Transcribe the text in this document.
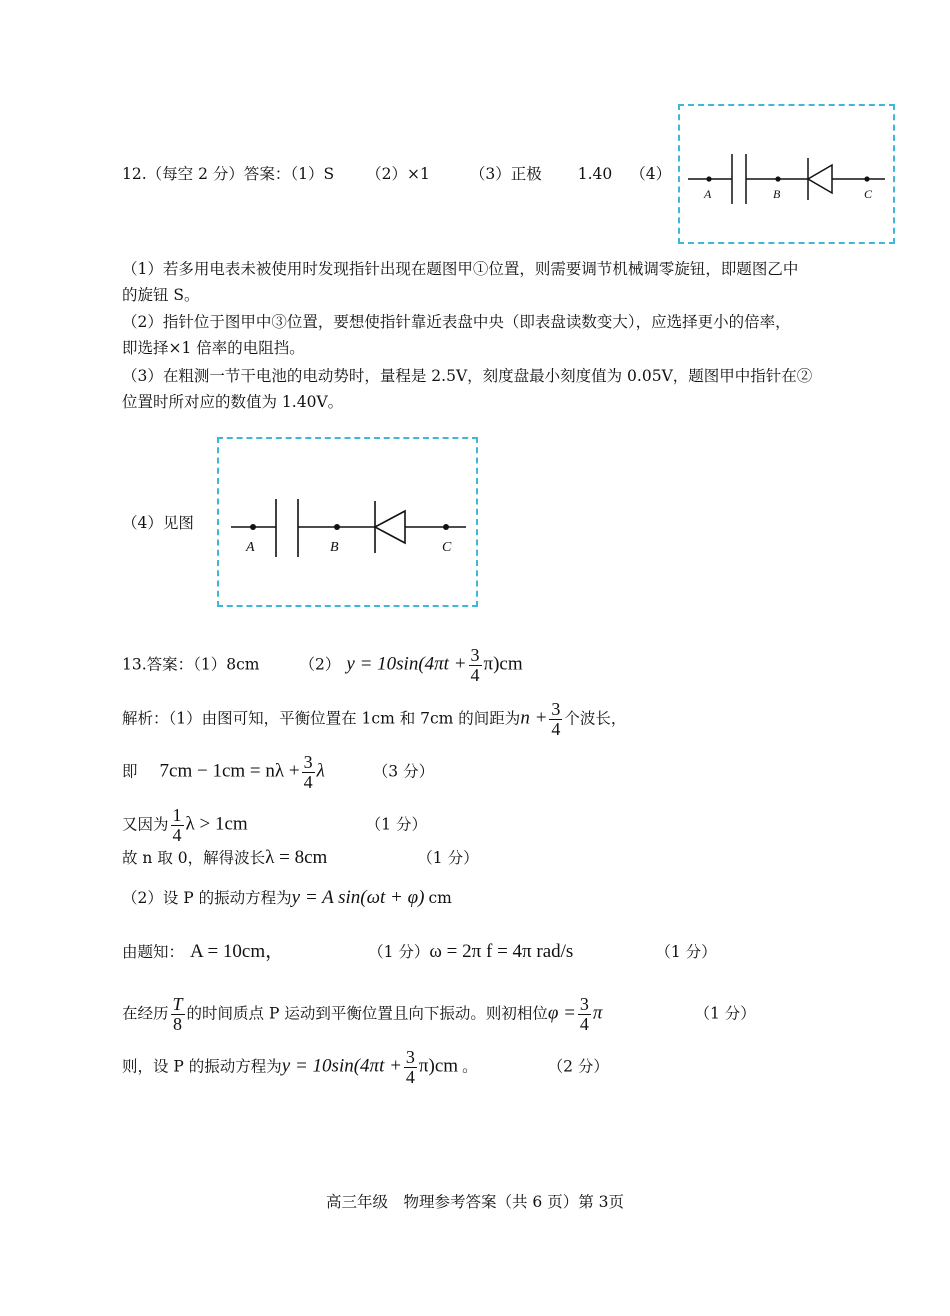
12.（每空 2 分）答案：（1）S （2）×1	（3）正极 1.40 （4）
A	B	C
（1）若多用电表未被使用时发现指针出现在题图甲①位置，则需要调节机械调零旋钮，即题图乙中
的旋钮 S。
（2）指针位于图甲中③位置，要想使指针靠近表盘中央（即表盘读数变大），应选择更小的倍率，
即选择×1 倍率的电阻挡。
（3）在粗测一节干电池的电动势时，量程是 2.5V，刻度盘最小刻度值为 0.05V，题图甲中指针在②
位置时所对应的数值为 1.40V。
（4）见图
A	B	C
13.答案：（1）8cm	（2） $y = 10\sin(4\pi t + \frac{3}{4} \pi)cm$
解析：（1）由图可知，平衡位置在 1cm 和 7cm 的间距为$n + \frac{3}{4}$ 个波长，
即 $7cm - 1cm = n\lambda + \frac{3}{4}$ λ	（3 分）
又因为 $\frac{1}{4}$ λ > 1cm	（1 分）
故 n 取 0，解得波长λ = 8cm	（1 分）
（2）设 P 的振动方程为y = A sin(ωt + φ) cm
由题知： A = 10cm，	（1 分）ω = 2π f = 4π rad/s	（1 分）
在经历 $\frac{T}{8}$ 的时间质点 P 运动到平衡位置且向下振动。则初相位$\varphi = \frac{3}{4}$ π	（1 分）
则，设 P 的振动方程为$y = 10\sin(4\pi t + \frac{3}{4} \pi)cm$ 。	（2 分）
高三年级　物理参考答案（共 6 页）第 3页
